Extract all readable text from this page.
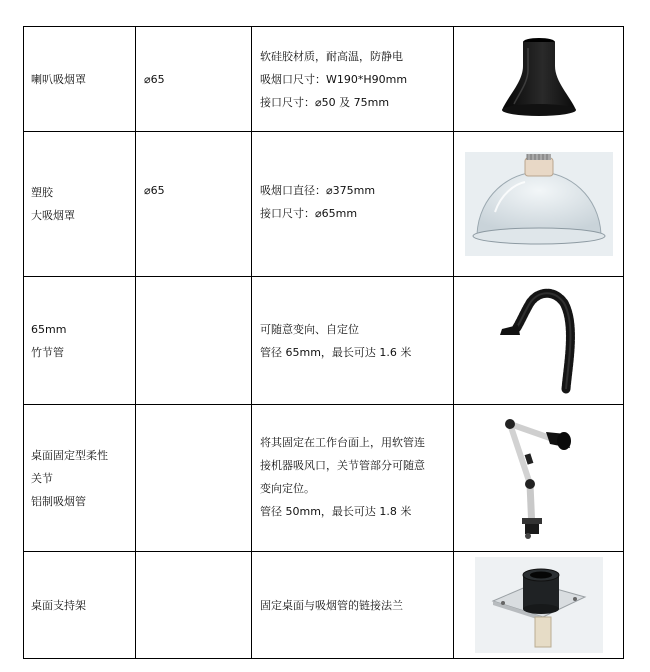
喇叭吸烟罩	⌀65	软硅胶材质，耐高温，防静电
吸烟口尺寸：W190*H90mm
接口尺寸：⌀50 及 75mm

塑胶
大吸烟罩	⌀65	吸烟口直径：⌀375mm
接口尺寸：⌀65mm

65mm
竹节管		可随意变向、自定位
管径 65mm，最长可达 1.6 米

桌面固定型柔性
关节
铝制吸烟管		将其固定在工作台面上，用软管连
接机器吸风口，关节管部分可随意
变向定位。
管径 50mm，最长可达 1.8 米

桌面支持架		固定桌面与吸烟管的链接法兰
